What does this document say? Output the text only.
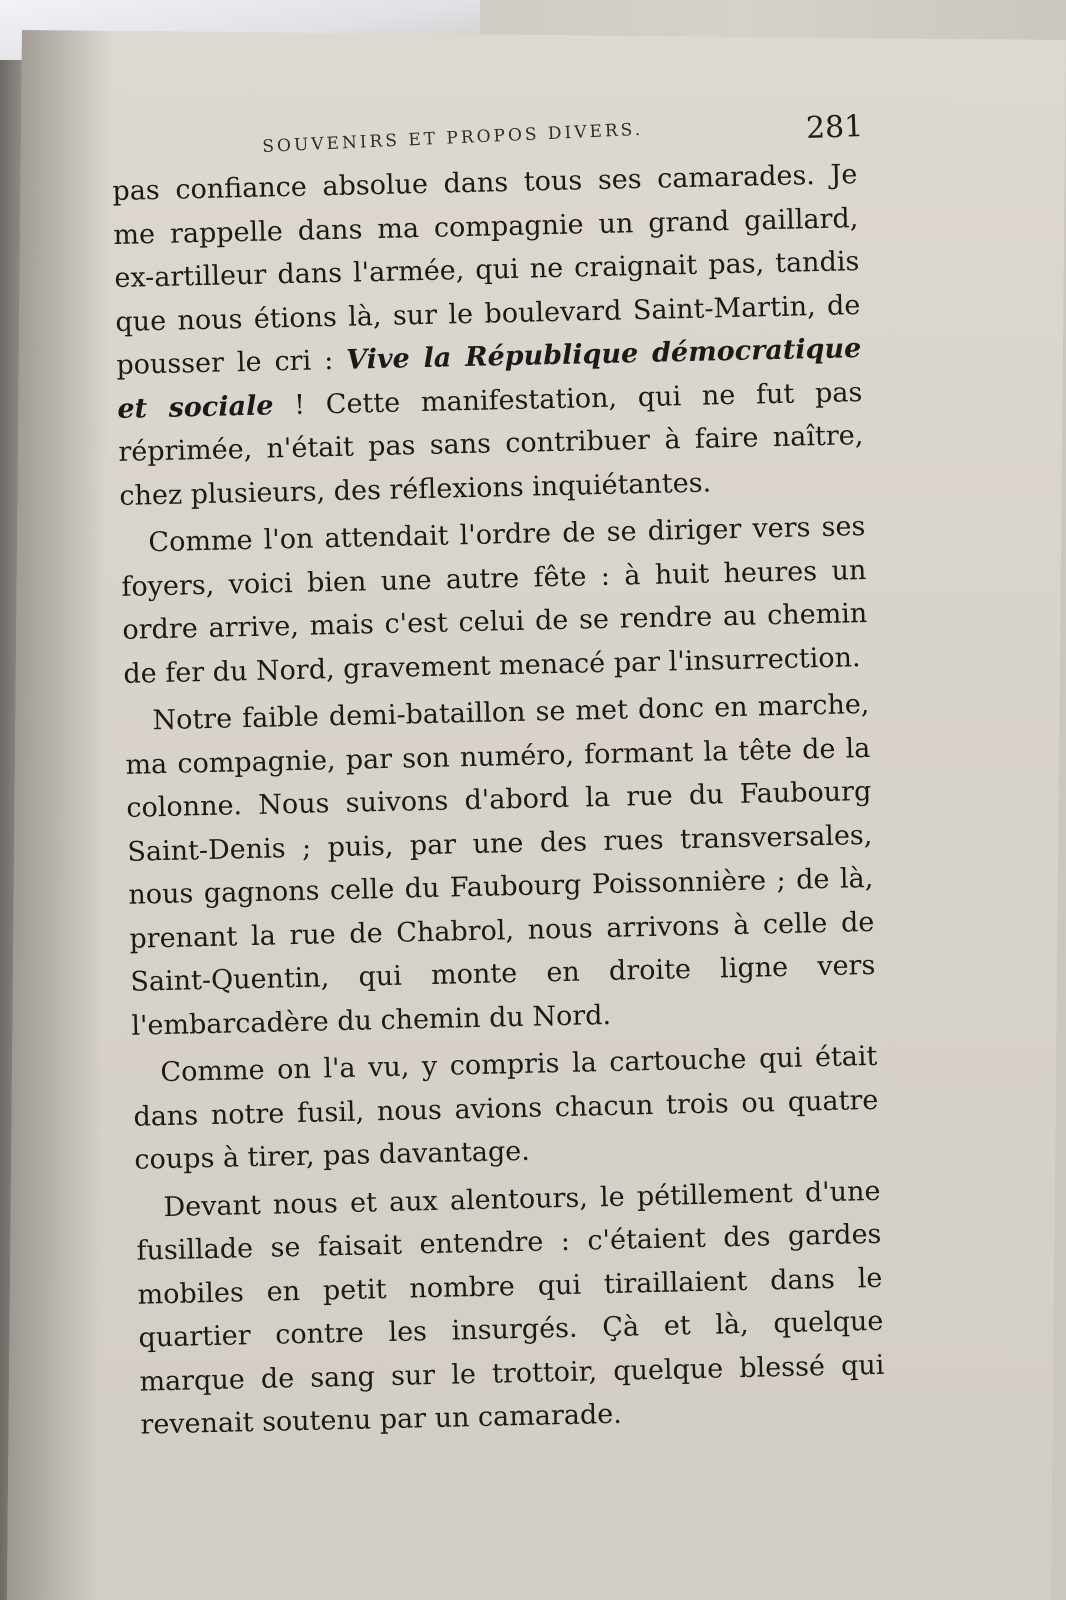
SOUVENIRS ET PROPOS DIVERS.	281

pas confiance absolue dans tous ses camarades. Je me rappelle dans ma compagnie un grand gaillard, ex-artilleur dans l'armée, qui ne craignait pas, tandis que nous étions là, sur le boulevard Saint-Martin, de pousser le cri : Vive la République démocratique et sociale ! Cette manifestation, qui ne fut pas réprimée, n'était pas sans contribuer à faire naître, chez plusieurs, des réflexions inquiétantes.

Comme l'on attendait l'ordre de se diriger vers ses foyers, voici bien une autre fête : à huit heures un ordre arrive, mais c'est celui de se rendre au chemin de fer du Nord, gravement menacé par l'insurrection.

Notre faible demi-bataillon se met donc en marche, ma compagnie, par son numéro, formant la tête de la colonne. Nous suivons d'abord la rue du Faubourg Saint-Denis ; puis, par une des rues transversales, nous gagnons celle du Faubourg Poissonnière ; de là, prenant la rue de Chabrol, nous arrivons à celle de Saint-Quentin, qui monte en droite ligne vers l'embarcadère du chemin du Nord.

Comme on l'a vu, y compris la cartouche qui était dans notre fusil, nous avions chacun trois ou quatre coups à tirer, pas davantage.

Devant nous et aux alentours, le pétillement d'une fusillade se faisait entendre : c'étaient des gardes mobiles en petit nombre qui tiraillaient dans le quartier contre les insurgés. Çà et là, quelque marque de sang sur le trottoir, quelque blessé qui revenait soutenu par un camarade.
